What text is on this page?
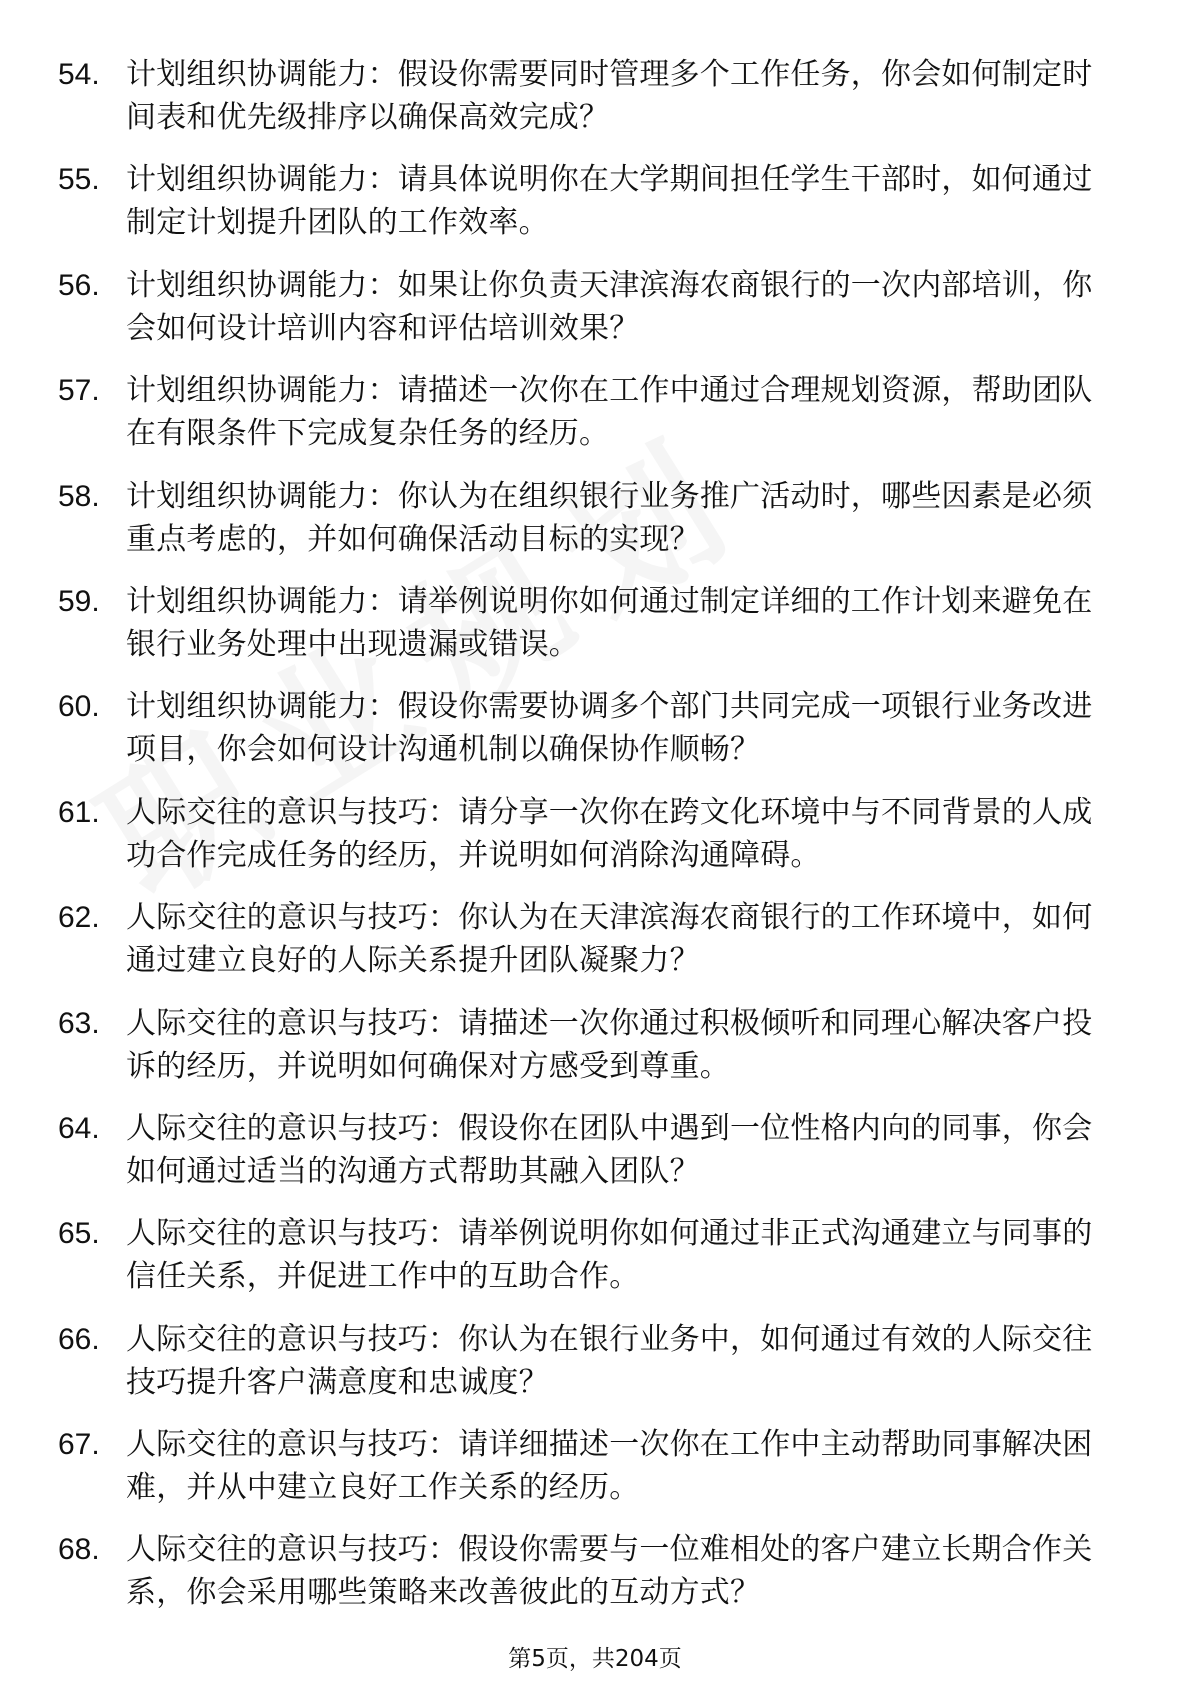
54. 计划组织协调能力：假设你需要同时管理多个工作任务，你会如何制定时间表和优先级排序以确保高效完成？
55. 计划组织协调能力：请具体说明你在大学期间担任学生干部时，如何通过制定计划提升团队的工作效率。
56. 计划组织协调能力：如果让你负责天津滨海农商银行的一次内部培训，你会如何设计培训内容和评估培训效果？
57. 计划组织协调能力：请描述一次你在工作中通过合理规划资源，帮助团队在有限条件下完成复杂任务的经历。
58. 计划组织协调能力：你认为在组织银行业务推广活动时，哪些因素是必须重点考虑的，并如何确保活动目标的实现？
59. 计划组织协调能力：请举例说明你如何通过制定详细的工作计划来避免在银行业务处理中出现遗漏或错误。
60. 计划组织协调能力：假设你需要协调多个部门共同完成一项银行业务改进项目，你会如何设计沟通机制以确保协作顺畅？
61. 人际交往的意识与技巧：请分享一次你在跨文化环境中与不同背景的人成功合作完成任务的经历，并说明如何消除沟通障碍。
62. 人际交往的意识与技巧：你认为在天津滨海农商银行的工作环境中，如何通过建立良好的人际关系提升团队凝聚力？
63. 人际交往的意识与技巧：请描述一次你通过积极倾听和同理心解决客户投诉的经历，并说明如何确保对方感受到尊重。
64. 人际交往的意识与技巧：假设你在团队中遇到一位性格内向的同事，你会如何通过适当的沟通方式帮助其融入团队？
65. 人际交往的意识与技巧：请举例说明你如何通过非正式沟通建立与同事的信任关系，并促进工作中的互助合作。
66. 人际交往的意识与技巧：你认为在银行业务中，如何通过有效的人际交往技巧提升客户满意度和忠诚度？
67. 人际交往的意识与技巧：请详细描述一次你在工作中主动帮助同事解决困难，并从中建立良好工作关系的经历。
68. 人际交往的意识与技巧：假设你需要与一位难相处的客户建立长期合作关系，你会采用哪些策略来改善彼此的互动方式？
第5页，共204页
